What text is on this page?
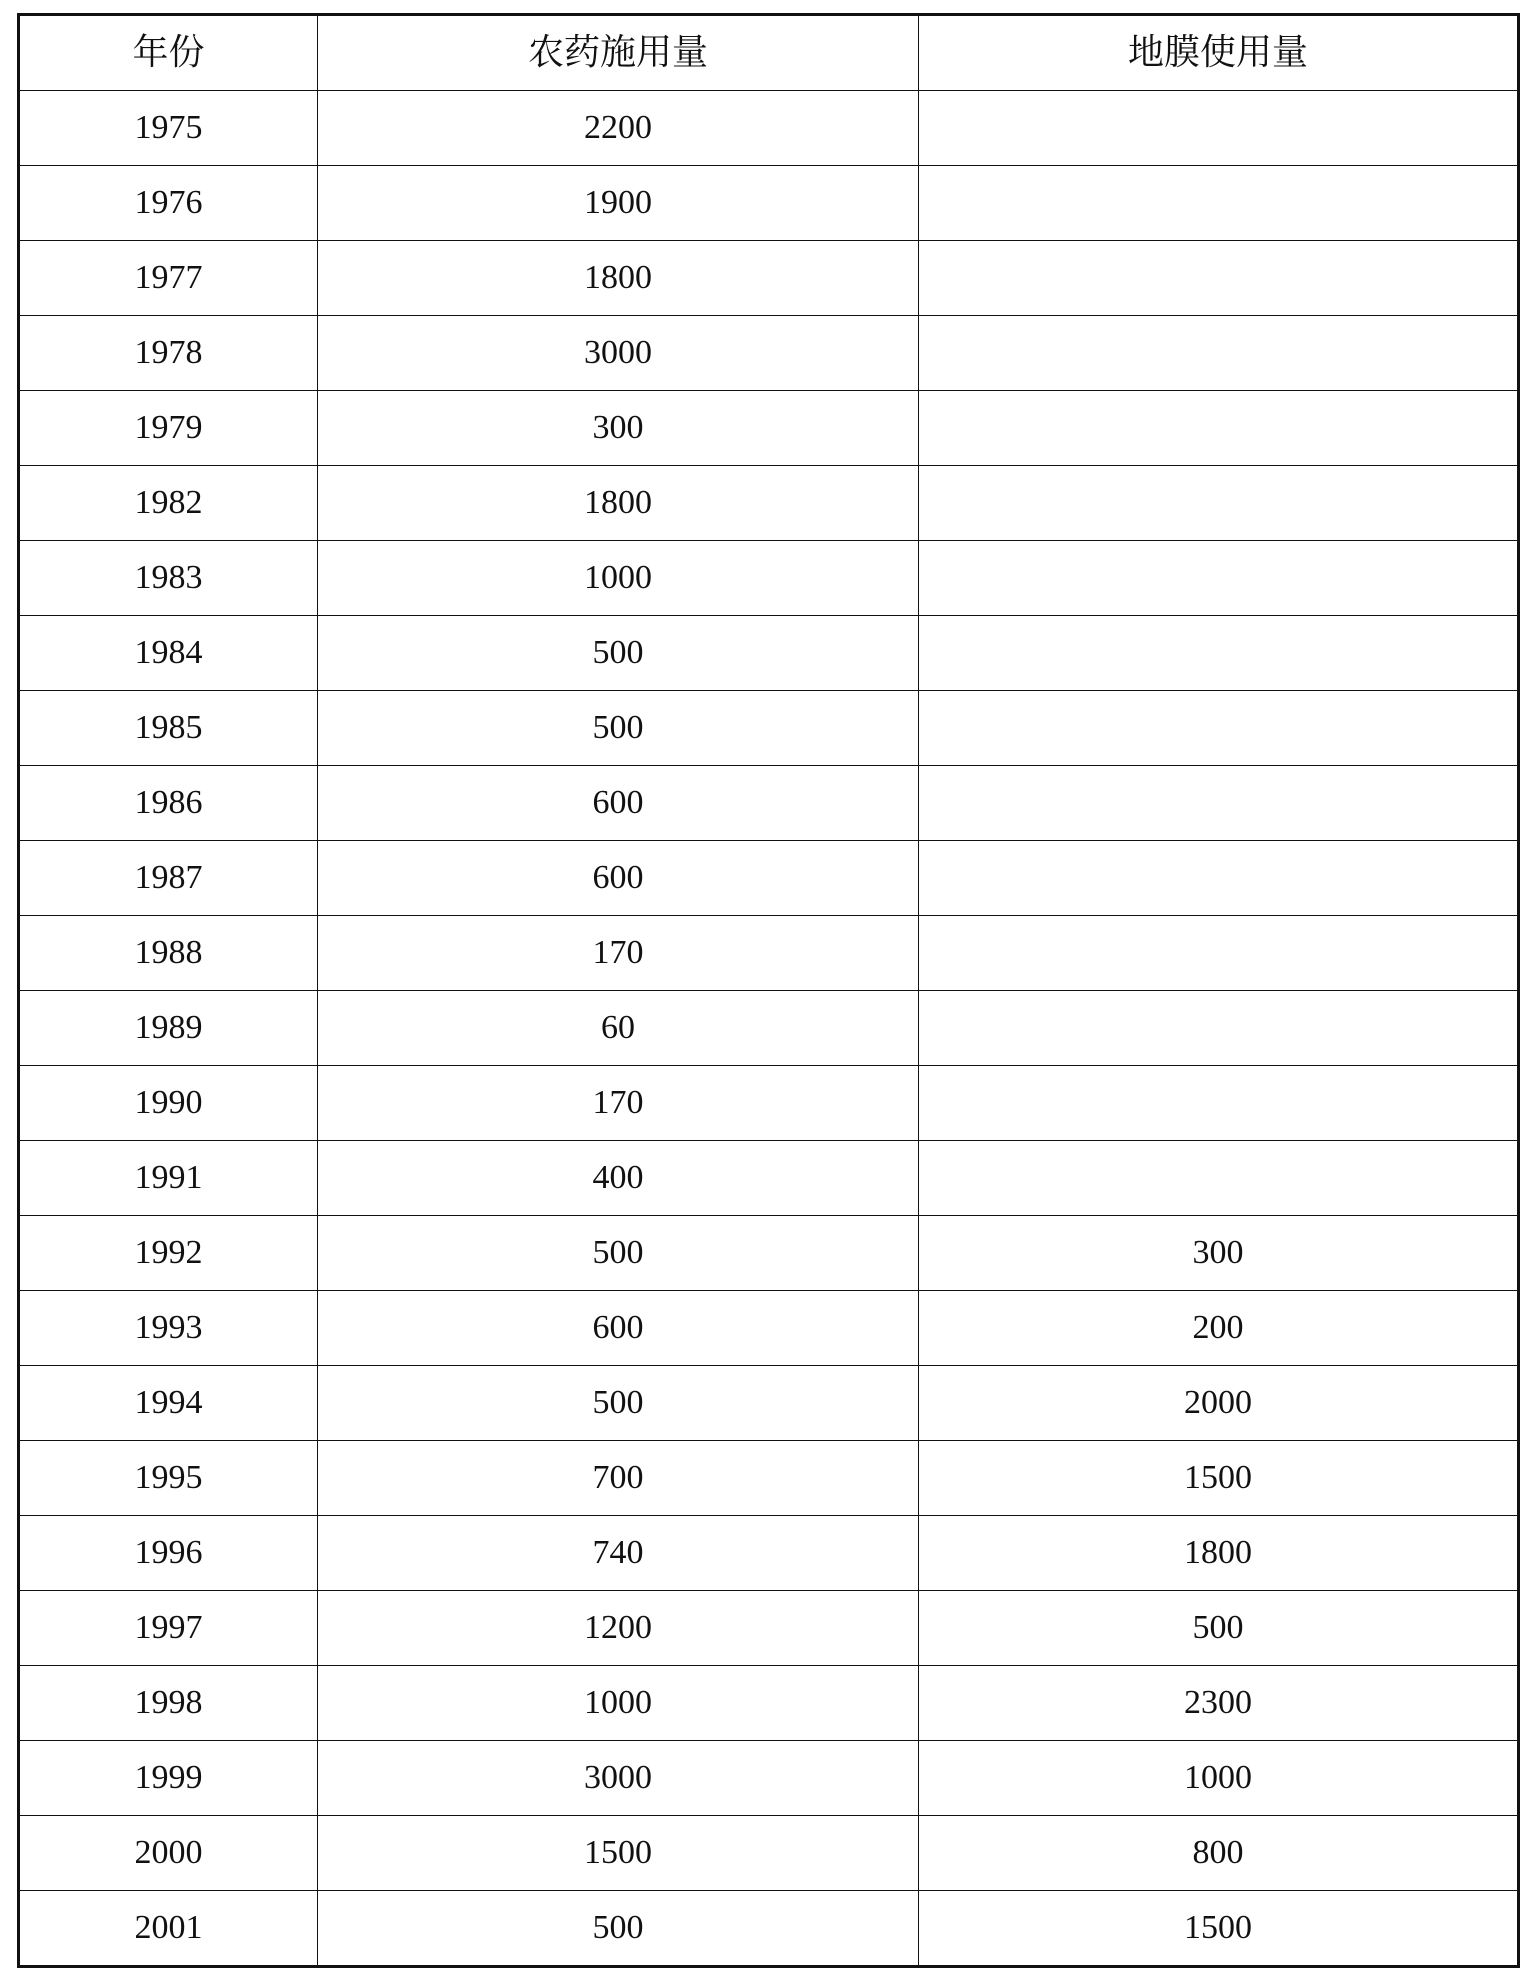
年份	农药施用量	地膜使用量
1975	2200	
1976	1900	
1977	1800	
1978	3000	
1979	300	
1982	1800	
1983	1000	
1984	500	
1985	500	
1986	600	
1987	600	
1988	170	
1989	60	
1990	170	
1991	400	
1992	500	300
1993	600	200
1994	500	2000
1995	700	1500
1996	740	1800
1997	1200	500
1998	1000	2300
1999	3000	1000
2000	1500	800
2001	500	1500
